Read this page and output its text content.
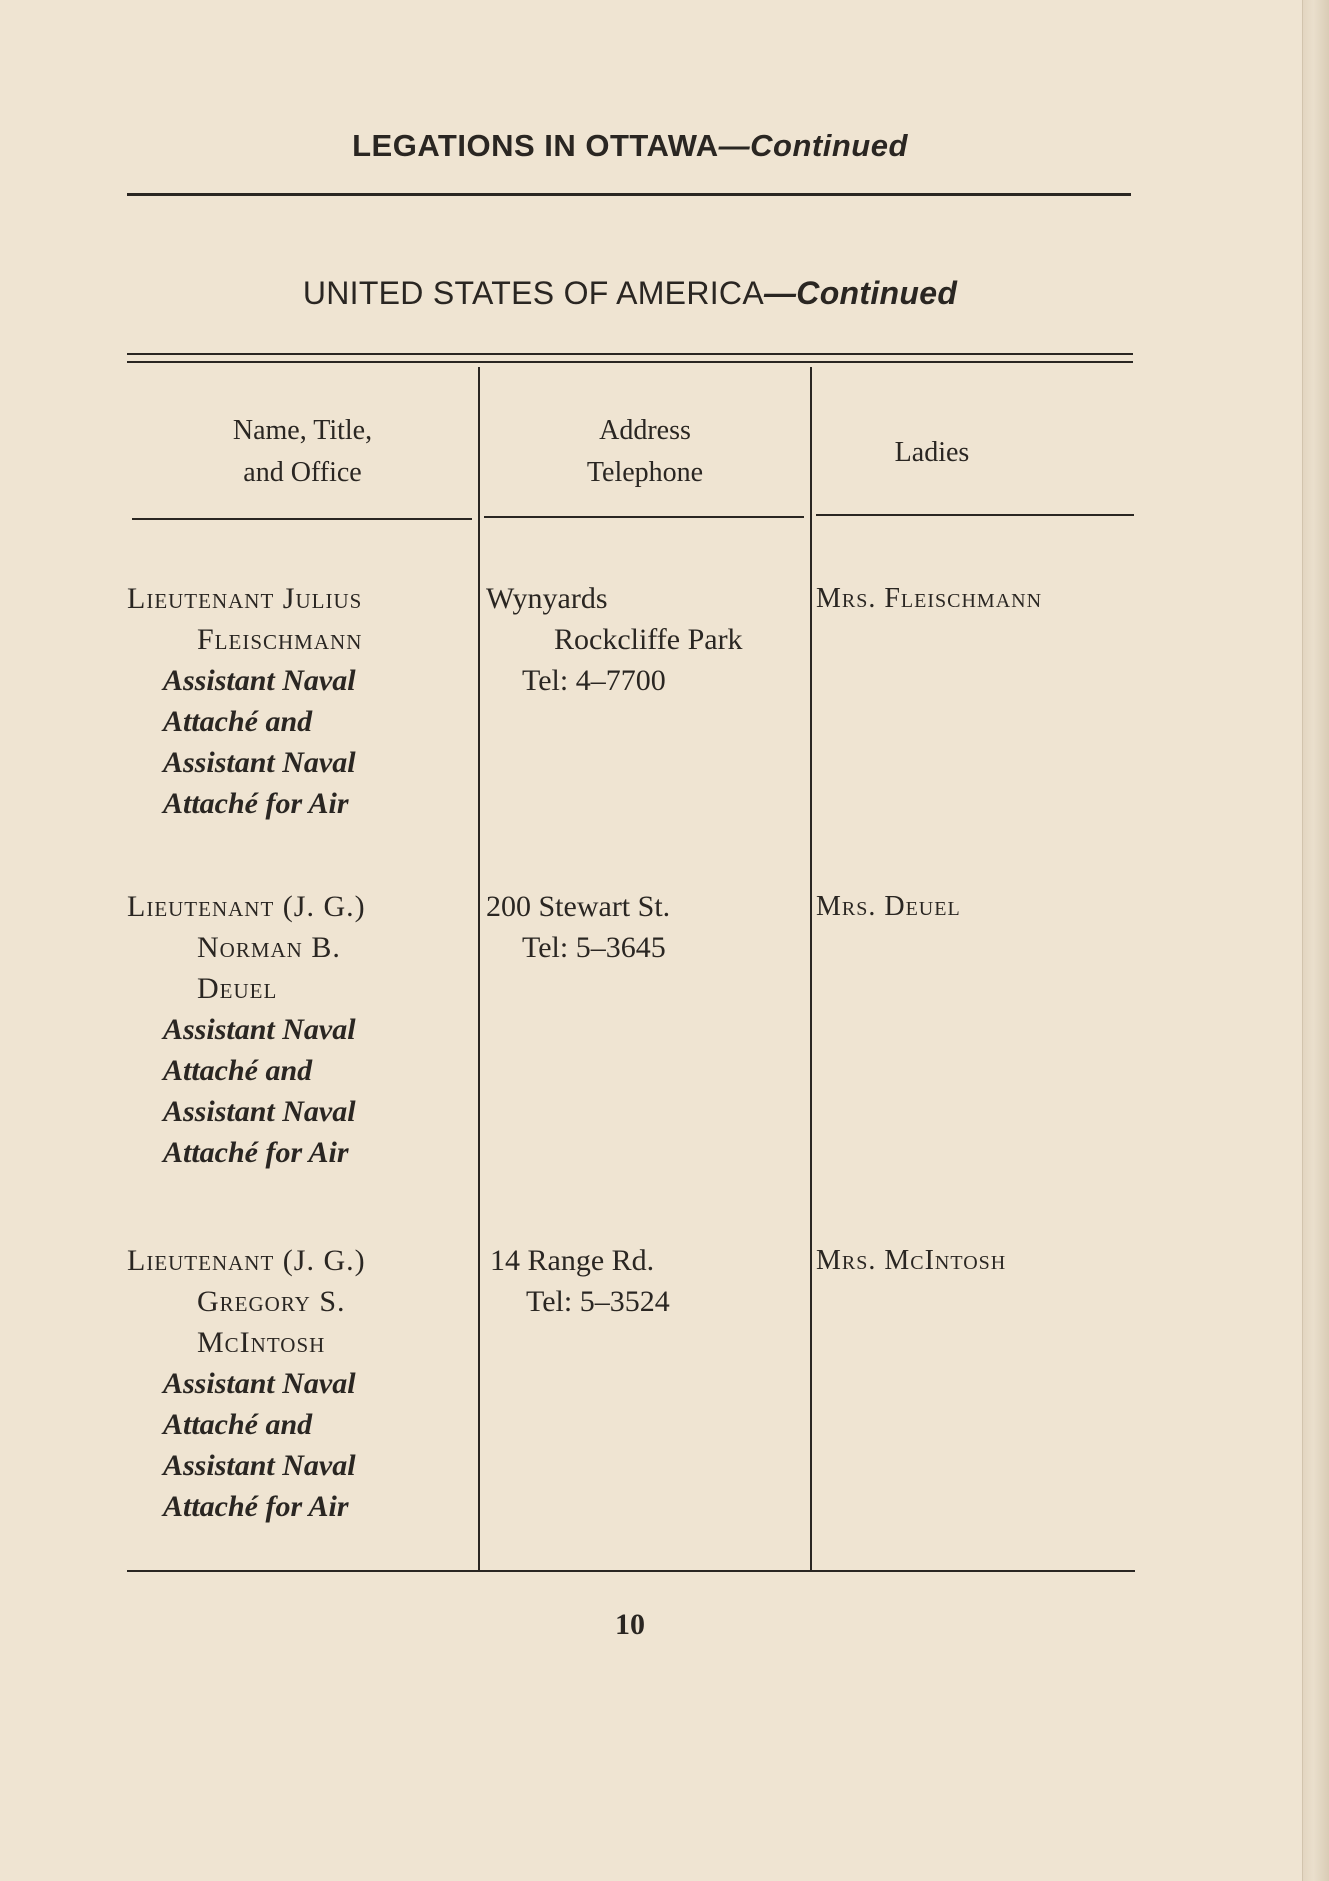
LEGATIONS IN OTTAWA—Continued
UNITED STATES OF AMERICA—Continued
Name, Title,
and Office
Address
Telephone
Ladies
Lieutenant Julius
Fleischmann
Assistant Naval
Attaché and
Assistant Naval
Attaché for Air
Wynyards
Rockcliffe Park
Tel: 4–7700
Mrs. Fleischmann
Lieutenant (J. G.)
Norman B.
Deuel
Assistant Naval
Attaché and
Assistant Naval
Attaché for Air
200 Stewart St.
Tel: 5–3645
Mrs. Deuel
Lieutenant (J. G.)
Gregory S.
McIntosh
Assistant Naval
Attaché and
Assistant Naval
Attaché for Air
14 Range Rd.
Tel: 5–3524
Mrs. McIntosh
10
